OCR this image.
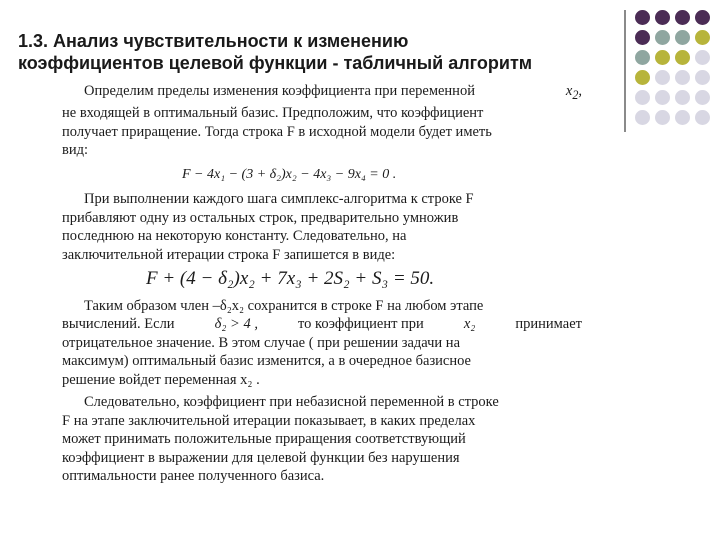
1.3. Анализ чувствительности к изменению
коэффициентов целевой функции - табличный алгоритм
Определим пределы изменения коэффициента при переменной	$x_2$,
не входящей в оптимальный базис. Предположим, что коэффициент
получает приращение. Тогда строка F в исходной модели будет иметь
вид:
F − 4x₁ − (3 + δ₂)x₂ − 4x₃ − 9x₄ = 0 .
При выполнении каждого шага симплекс-алгоритма к строке F
прибавляют одну из остальных строк, предварительно умножив
последнюю на некоторую константу. Следовательно, на
заключительной итерации строка F запишется в виде:
F + (4 − δ₂)x₂ + 7x₃ + 2S₂ + S₃ = 50.
Таким образом член –δ₂x₂ сохранится в строке F на любом этапе
вычислений. Если	δ₂ > 4 ,	то коэффициент при	x₂	принимает
отрицательное значение. В этом случае ( при решении задачи на
максимум) оптимальный базис изменится, а в очередное базисное
решение войдет переменная x₂ .
Следовательно, коэффициент при небазисной переменной в строке
F на этапе заключительной итерации показывает, в каких пределах
может принимать положительные приращения соответствующий
коэффициент в выражении для целевой функции без нарушения
оптимальности ранее полученного базиса.
